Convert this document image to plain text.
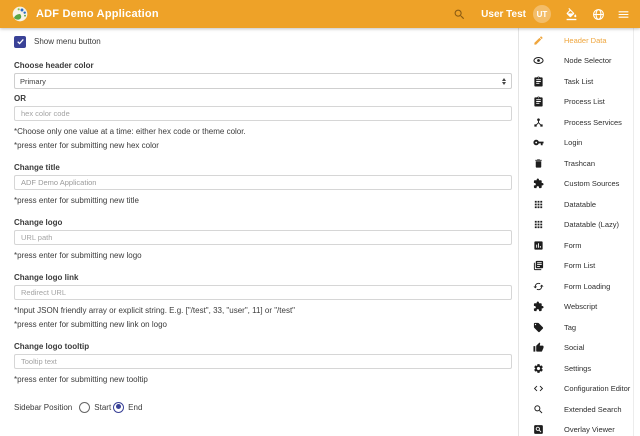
ADF Demo Application	User Test	UT
Show menu button
Choose header color
Primary
OR
hex color code
*Choose only one value at a time: either hex code or theme color.
*press enter for submitting new hex color
Change title
ADF Demo Application
*press enter for submitting new title
Change logo
URL path
*press enter for submitting new logo
Change logo link
Redirect URL
*Input JSON friendly array or explicit string. E.g. ["/test", 33, "user", 11] or "/test"
*press enter for submitting new link on logo
Change logo tooltip
Tooltip text
*press enter for submitting new tooltip
Sidebar Position	Start End
Header Data
Node Selector
Task List
Process List
Process Services
Login
Trashcan
Custom Sources
Datatable
Datatable (Lazy)
Form
Form List
Form Loading
Webscript
Tag
Social
Settings
Configuration Editor
Extended Search
Overlay Viewer
